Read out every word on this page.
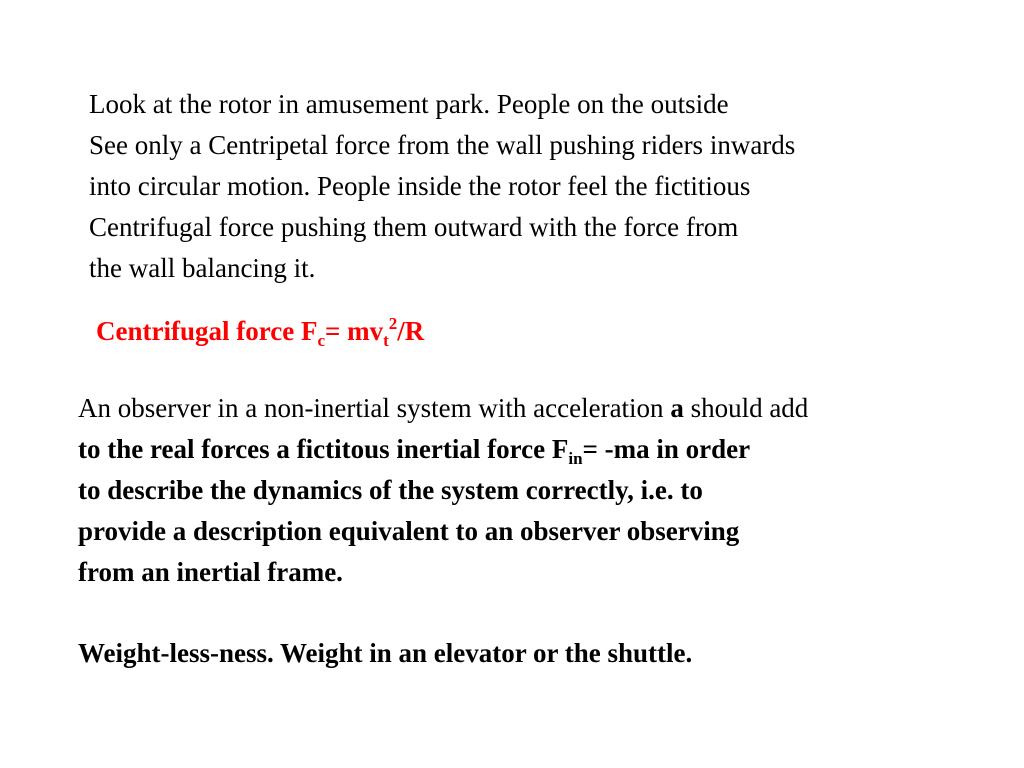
Look at the rotor in amusement park. People on the outside
See only a Centripetal force from the wall pushing riders inwards
into circular motion. People inside the rotor feel the fictitious
Centrifugal force pushing them outward with the force from
the wall balancing it.
Centrifugal force $F_c= mv_t^2/R$
An observer in a non-inertial system with acceleration a should add
to the real forces a fictitous inertial force $F_{in}= -ma$ in order
to describe the dynamics of the system correctly, i.e. to
provide a description equivalent to an observer observing
from an inertial frame.
Weight-less-ness. Weight in an elevator or the shuttle.
